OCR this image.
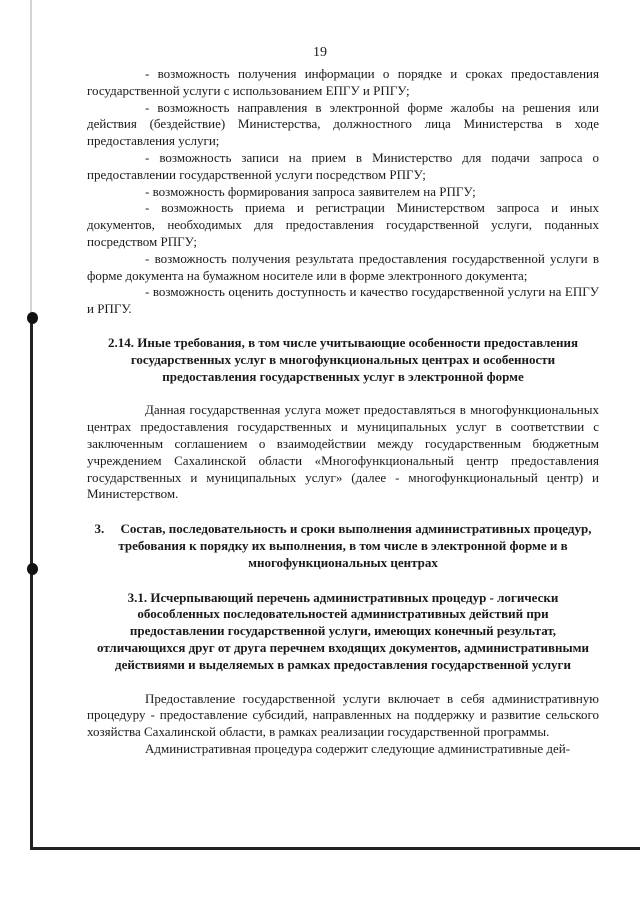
19

- возможность получения информации о порядке и сроках предоставления государственной услуги с использованием ЕПГУ и РПГУ;

- возможность направления в электронной форме жалобы на решения или действия (бездействие) Министерства, должностного лица Министерства в ходе предоставления услуги;

- возможность записи на прием в Министерство для подачи запроса о предоставлении государственной услуги посредством РПГУ;

- возможность формирования запроса заявителем на РПГУ;

- возможность приема и регистрации Министерством запроса и иных документов, необходимых для предоставления государственной услуги, поданных посредством РПГУ;

- возможность получения результата предоставления государственной услуги в форме документа на бумажном носителе или в форме электронного документа;

- возможность оценить доступность и качество государственной услуги на ЕПГУ и РПГУ.

2.14. Иные требования, в том числе учитывающие особенности предоставления государственных услуг в многофункциональных центрах и особенности предоставления государственных услуг в электронной форме

Данная государственная услуга может предоставляться в многофункциональных центрах предоставления государственных и муниципальных услуг в соответствии с заключенным соглашением о взаимодействии между государственным бюджетным учреждением Сахалинской области «Многофункциональный центр предоставления государственных и муниципальных услуг» (далее - многофункциональный центр) и Министерством.

3.     Состав, последовательность и сроки выполнения административных процедур, требования к порядку их выполнения, в том числе в электронной форме и в многофункциональных центрах

3.1. Исчерпывающий перечень административных процедур - логически обособленных последовательностей административных действий при предоставлении государственной услуги, имеющих конечный результат, отличающихся друг от друга перечнем входящих документов, административными действиями и выделяемых в рамках предоставления государственной услуги

Предоставление государственной услуги включает в себя административную процедуру - предоставление субсидий, направленных на поддержку и развитие сельского хозяйства Сахалинской области, в рамках реализации государственной программы.

Административная процедура содержит следующие административные дей-
